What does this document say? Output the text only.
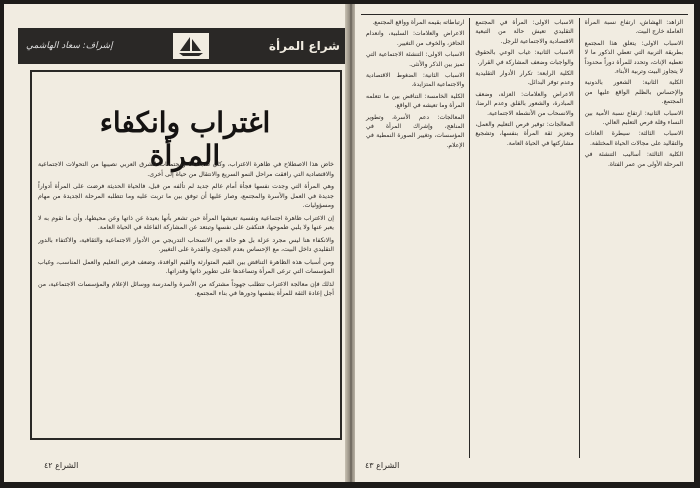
إشراف: سعاد الهاشمي	شراع المرأة
اغتراب وانكفاء المرأة

خاض هذا الاصطلاح في ظاهرة الاغتراب، وكان لمجتمعنا ومجتمعات الشرق العربي نصيبها من التحولات الاجتماعية والاقتصادية التي رافقت مراحل النمو السريع والانتقال من حياة إلى أخرى.

وهي المرأة التي وجدت نفسها فجأة أمام عالم جديد لم تألفه من قبل، فالحياة الحديثة فرضت على المرأة أدواراً جديدة في العمل والأسرة والمجتمع، وصار عليها أن توفق بين ما تربت عليه وما تتطلبه المرحلة الجديدة من مهام ومسؤوليات.

إن الاغتراب ظاهرة اجتماعية ونفسية تعيشها المرأة حين تشعر بأنها بعيدة عن ذاتها وعن محيطها، وأن ما تقوم به لا يعبر عنها ولا يلبي طموحها، فتنكفئ على نفسها وتبتعد عن المشاركة الفاعلة في الحياة العامة.

والانكفاء هنا ليس مجرد عزلة بل هو حالة من الانسحاب التدريجي من الأدوار الاجتماعية والثقافية، والاكتفاء بالدور التقليدي داخل البيت، مع الإحساس بعدم الجدوى والقدرة على التغيير.

ومن أسباب هذه الظاهرة التناقض بين القيم المتوارثة والقيم الوافدة، وضعف فرص التعليم والعمل المناسب، وغياب المؤسسات التي ترعى المرأة وتساعدها على تطوير ذاتها وقدراتها.

لذلك فإن معالجة الاغتراب تتطلب جهوداً مشتركة من الأسرة والمدرسة ووسائل الإعلام والمؤسسات الاجتماعية، من أجل إعادة الثقة للمرأة بنفسها ودورها في بناء المجتمع.

الشراع ٤٢

الزاهد: الهشاش، ارتفاع نسبة المرأة العاملة خارج البيت.

الاسباب الاولى: يتعلق هذا المجتمع بطريقة التربية التي تعطي الذكور ما لا تعطيه الإناث، وتحدد للمرأة دوراً محدوداً لا يتجاوز البيت وتربية الأبناء.

الكلية الثانية: الشعور بالدونية والإحساس بالظلم الواقع عليها من المجتمع.

الاسباب الثانية: ارتفاع نسبة الأمية بين النساء وقلة فرص التعليم العالي.

الاسباب الثالثة: سيطرة العادات والتقاليد على مجالات الحياة المختلفة.

الكلية الثالثة: أساليب التنشئة في المرحلة الأولى من عمر الفتاة.

الاسباب الاولى: المرأة في المجتمع التقليدي تعيش حالة من التبعية الاقتصادية والاجتماعية للرجل.

الاسباب الثانية: غياب الوعي بالحقوق والواجبات وضعف المشاركة في القرار.

الكلية الرابعة: تكرار الأدوار التقليدية وعدم توفر البدائل.

الاعراض والعلامات: العزلة، وضعف المبادرة، والشعور بالقلق وعدم الرضا، والانسحاب من الأنشطة الاجتماعية.

المعالجات: توفير فرص التعليم والعمل، وتعزيز ثقة المرأة بنفسها، وتشجيع مشاركتها في الحياة العامة.

ارتباطاته بقيمه المرأة وواقع المجتمع.

الاعراض والعلامات: السلبية، وانعدام الحافز، والخوف من التغيير.

الاسباب الاولى: التنشئة الاجتماعية التي تميز بين الذكر والأنثى.

الاسباب الثانية: الضغوط الاقتصادية والاجتماعية المتزايدة.

الكلية الخامسة: التناقض بين ما تتعلمه المرأة وما تعيشه في الواقع.

المعالجات: دعم الأسرة، وتطوير المناهج، وإشراك المرأة في المؤسسات، وتغيير الصورة النمطية في الإعلام.

الشراع ٤٣
